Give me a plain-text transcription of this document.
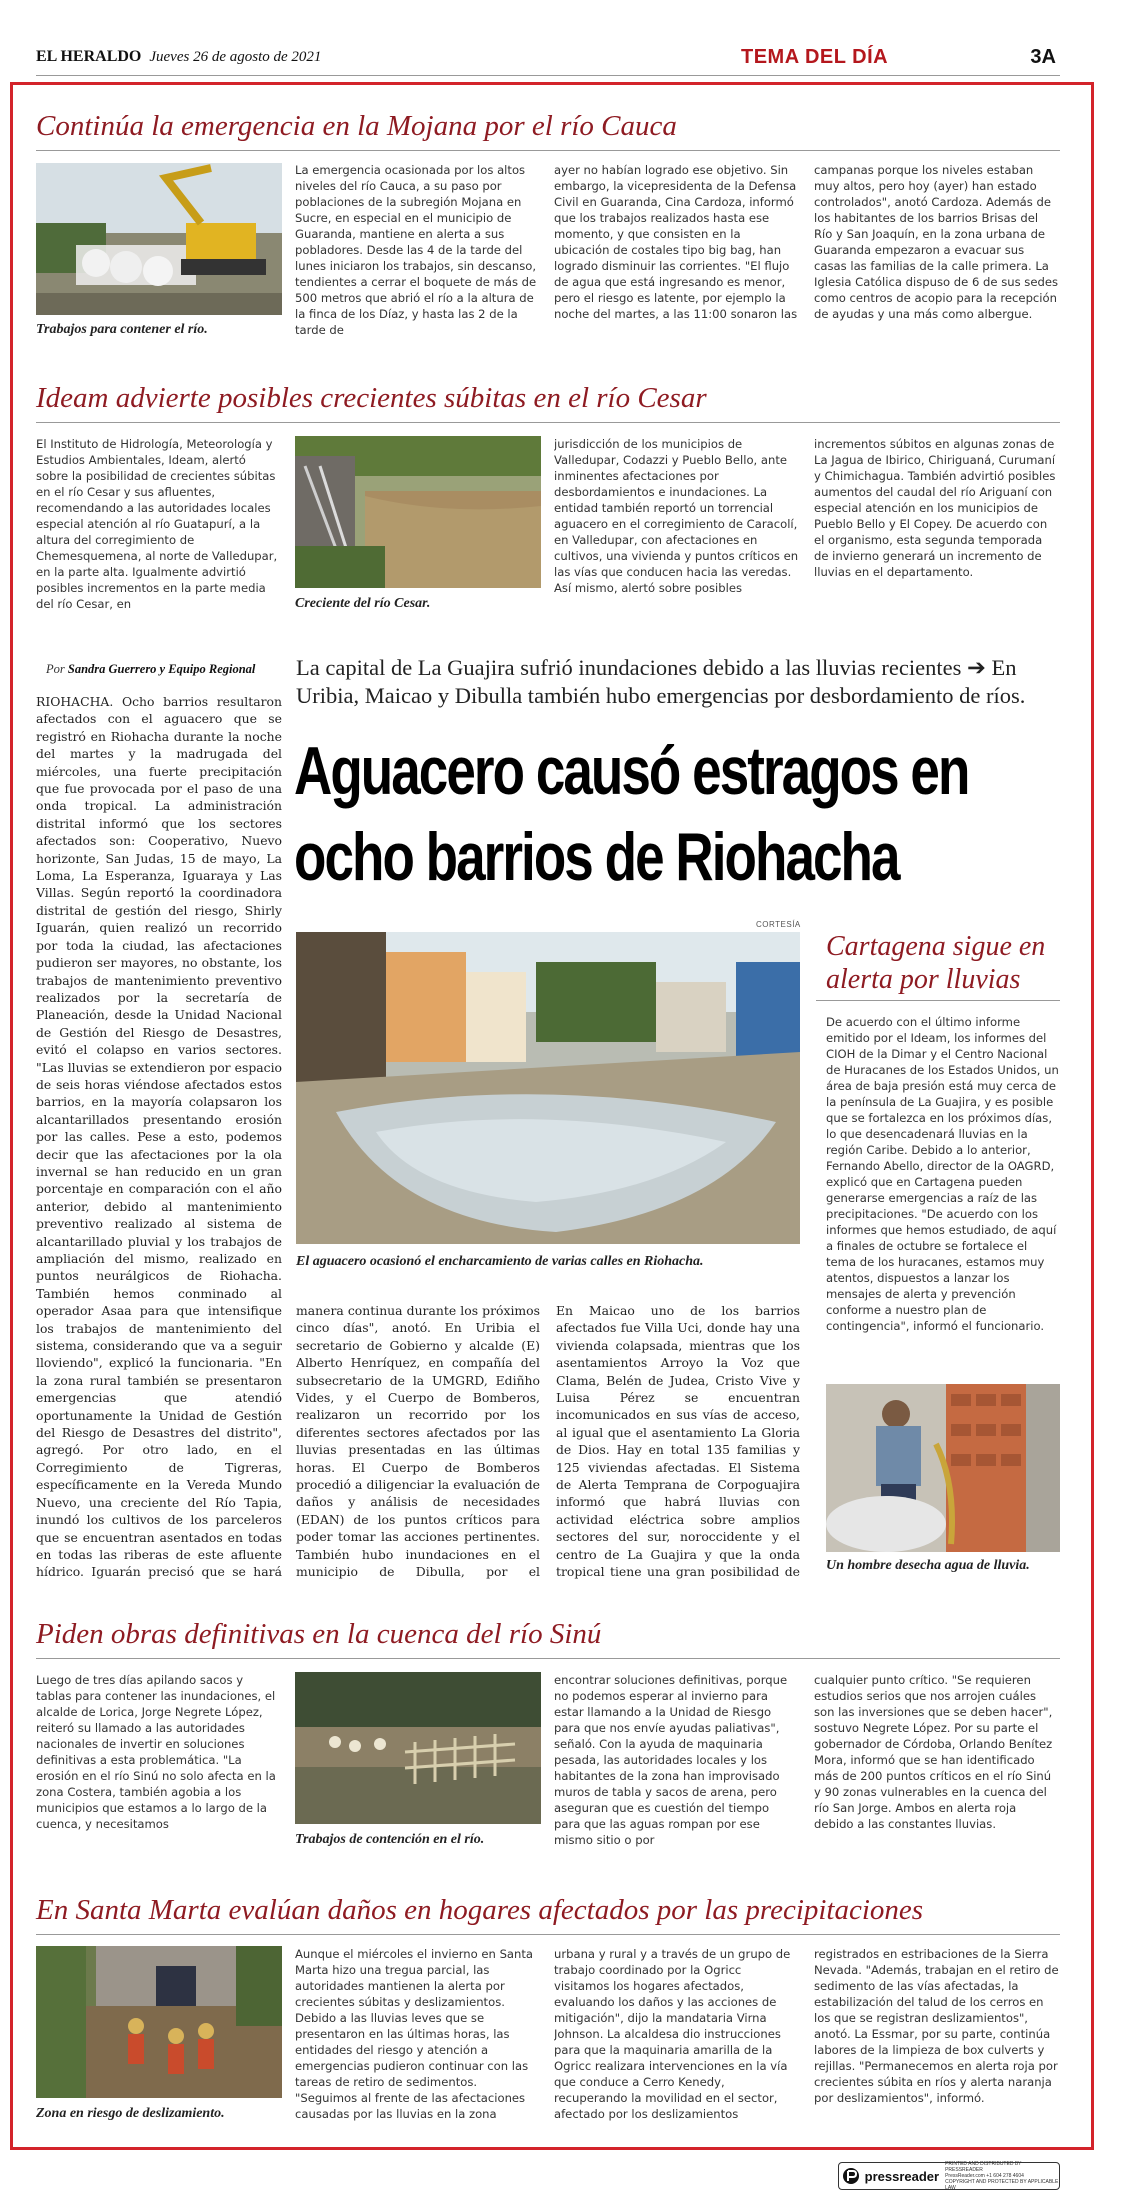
EL HERALDO Jueves 26 de agosto de 2021	TEMA DEL DÍA	3A
Continúa la emergencia en la Mojana por el río Cauca
Trabajos para contener el río.
La emergencia ocasionada por los altos niveles del río Cauca, a su paso por poblaciones de la subregión Mojana en Sucre, en especial en el municipio de Guaranda, mantiene en alerta a sus pobladores. Desde las 4 de la tarde del lunes iniciaron los trabajos, sin descanso, tendientes a cerrar el boquete de más de 500 metros que abrió el río a la altura de la finca de los Díaz, y hasta las 2 de la tarde de
ayer no habían logrado ese objetivo. Sin embargo, la vicepresidenta de la Defensa Civil en Guaranda, Cina Cardoza, informó que los trabajos realizados hasta ese momento, y que consisten en la ubicación de costales tipo big bag, han logrado disminuir las corrientes. "El flujo de agua que está ingresando es menor, pero el riesgo es latente, por ejemplo la noche del martes, a las 11:00 sonaron las
campanas porque los niveles estaban muy altos, pero hoy (ayer) han estado controlados", anotó Cardoza. Además de los habitantes de los barrios Brisas del Río y San Joaquín, en la zona urbana de Guaranda empezaron a evacuar sus casas las familias de la calle primera. La Iglesia Católica dispuso de 6 de sus sedes como centros de acopio para la recepción de ayudas y una más como albergue.
Ideam advierte posibles crecientes súbitas en el río Cesar
El Instituto de Hidrología, Meteorología y Estudios Ambientales, Ideam, alertó sobre la posibilidad de crecientes súbitas en el río Cesar y sus afluentes, recomendando a las autoridades locales especial atención al río Guatapurí, a la altura del corregimiento de Chemesquemena, al norte de Valledupar, en la parte alta. Igualmente advirtió posibles incrementos en la parte media del río Cesar, en	Creciente del río Cesar.
jurisdicción de los municipios de Valledupar, Codazzi y Pueblo Bello, ante inminentes afectaciones por desbordamientos e inundaciones. La entidad también reportó un torrencial aguacero en el corregimiento de Caracolí, en Valledupar, con afectaciones en cultivos, una vivienda y puntos críticos en las vías que conducen hacia las veredas. Así mismo, alertó sobre posibles
incrementos súbitos en algunas zonas de La Jagua de Ibirico, Chiriguaná, Curumaní y Chimichagua. También advirtió posibles aumentos del caudal del río Ariguaní con especial atención en los municipios de Pueblo Bello y El Copey. De acuerdo con el organismo, esta segunda temporada de invierno generará un incremento de lluvias en el departamento.
Por Sandra Guerrero y Equipo Regional La capital de La Guajira sufrió inundaciones debido a las lluvias recientes ➔ En Uribia, Maicao y Dibulla también hubo emergencias por desbordamiento de ríos.
Aguacero causó estragos en
ocho barrios de Riohacha
RIOHACHA. Ocho barrios resultaron afectados con el aguacero que se registró en Riohacha durante la noche del martes y la madrugada del miércoles, una fuerte precipitación que fue provocada por el paso de una onda tropical. La administración distrital informó que los sectores afectados son: Cooperativo, Nuevo horizonte, San Judas, 15 de mayo, La Loma, La Esperanza, Iguaraya y Las Villas. Según reportó la coordinadora distrital de gestión del riesgo, Shirly Iguarán, quien realizó un recorrido por toda la ciudad, las afectaciones pudieron ser mayores, no obstante, los trabajos de mantenimiento preventivo realizados por la secretaría de Planeación, desde la Unidad Nacional de Gestión del Riesgo de Desastres, evitó el colapso en varios sectores. "Las lluvias se extendieron por espacio de seis horas viéndose afectados estos barrios, en la mayoría colapsaron los alcantarillados presentando erosión por las calles. Pese a esto, podemos decir que las afectaciones por la ola invernal se han reducido en un gran porcentaje en comparación con el año anterior, debido al mantenimiento preventivo realizado al sistema de alcantarillado pluvial y los trabajos de ampliación del mismo, realizado en puntos neurálgicos de Riohacha. También hemos conminado al operador Asaa para que intensifique los trabajos de mantenimiento del sistema, considerando que va a seguir lloviendo", explicó la funcionaria. "En la zona rural también se presentaron emergencias que atendió oportunamente la Unidad de Gestión del Riesgo de Desastres del distrito", agregó. Por otro lado, en el Corregimiento de Tigreras, específicamente en la Vereda Mundo Nuevo, una creciente del Río Tapia, inundó los cultivos de los parceleros que se encuentran asentados en todas en todas las riberas de este afluente hídrico. Iguarán precisó que se hará
CORTESÍA
El aguacero ocasionó el encharcamiento de varias calles en Riohacha.
manera continua durante los próximos cinco días", anotó. En Uribia el secretario de Gobierno y alcalde (E) Alberto Henríquez, en compañía del subsecretario de la UMGRD, Ediñho Vides, y el Cuerpo de Bomberos, realizaron un recorrido por los diferentes sectores afectados por las lluvias presentadas en las últimas horas. El Cuerpo de Bomberos procedió a diligenciar la evaluación de daños y análisis de necesidades (EDAN) de los puntos críticos para poder tomar las acciones pertinentes. También hubo inundaciones en el municipio de Dibulla, por el
En Maicao uno de los barrios afectados fue Villa Uci, donde hay una vivienda colapsada, mientras que los asentamientos Arroyo la Voz que Clama, Belén de Judea, Cristo Vive y Luisa Pérez se encuentran incomunicados en sus vías de acceso, al igual que el asentamiento La Gloria de Dios. Hay en total 135 familias y 125 viviendas afectadas. El Sistema de Alerta Temprana de Corpoguajira informó que habrá lluvias con actividad eléctrica sobre amplios sectores del sur, noroccidente y el centro de La Guajira y que la onda tropical tiene una gran posibilidad de
Cartagena sigue en
alerta por lluvias
De acuerdo con el último informe emitido por el Ideam, los informes del CIOH de la Dimar y el Centro Nacional de Huracanes de los Estados Unidos, un área de baja presión está muy cerca de la península de La Guajira, y es posible que se fortalezca en los próximos días, lo que desencadenará lluvias en la región Caribe. Debido a lo anterior, Fernando Abello, director de la OAGRD, explicó que en Cartagena pueden generarse emergencias a raíz de las precipitaciones. "De acuerdo con los informes que hemos estudiado, de aquí a finales de octubre se fortalece el tema de los huracanes, estamos muy atentos, dispuestos a lanzar los mensajes de alerta y prevención conforme a nuestro plan de contingencia", informó el funcionario.
Un hombre desecha agua de lluvia.
Piden obras definitivas en la cuenca del río Sinú
Luego de tres días apilando sacos y tablas para contener las inundaciones, el alcalde de Lorica, Jorge Negrete López, reiteró su llamado a las autoridades nacionales de invertir en soluciones definitivas a esta problemática. "La erosión en el río Sinú no solo afecta en la zona Costera, también agobia a los municipios que estamos a lo largo de la cuenca, y necesitamos
Trabajos de contención en el río.
encontrar soluciones definitivas, porque no podemos esperar al invierno para estar llamando a la Unidad de Riesgo para que nos envíe ayudas paliativas", señaló. Con la ayuda de maquinaria pesada, las autoridades locales y los habitantes de la zona han improvisado muros de tabla y sacos de arena, pero aseguran que es cuestión del tiempo para que las aguas rompan por ese mismo sitio o por
cualquier punto crítico. "Se requieren estudios serios que nos arrojen cuáles son las inversiones que se deben hacer", sostuvo Negrete López. Por su parte el gobernador de Córdoba, Orlando Benítez Mora, informó que se han identificado más de 200 puntos críticos en el río Sinú y 90 zonas vulnerables en la cuenca del río San Jorge. Ambos en alerta roja debido a las constantes lluvias.
En Santa Marta evalúan daños en hogares afectados por las precipitaciones
Zona en riesgo de deslizamiento.
Aunque el miércoles el invierno en Santa Marta hizo una tregua parcial, las autoridades mantienen la alerta por crecientes súbitas y deslizamientos. Debido a las lluvias leves que se presentaron en las últimas horas, las entidades del riesgo y atención a emergencias pudieron continuar con las tareas de retiro de sedimentos. "Seguimos al frente de las afectaciones causadas por las lluvias en la zona
urbana y rural y a través de un grupo de trabajo coordinado por la Ogricc visitamos los hogares afectados, evaluando los daños y las acciones de mitigación", dijo la mandataria Virna Johnson. La alcaldesa dio instrucciones para que la maquinaria amarilla de la Ogricc realizara intervenciones en la vía que conduce a Cerro Kenedy, recuperando la movilidad en el sector, afectado por los deslizamientos
registrados en estribaciones de la Sierra Nevada. "Además, trabajan en el retiro de sedimento de las vías afectadas, la estabilización del talud de los cerros en los que se registran deslizamientos", anotó. La Essmar, por su parte, continúa labores de la limpieza de box culverts y rejillas. "Permanecemos en alerta roja por crecientes súbita en ríos y alerta naranja por deslizamientos", informó.
pressreader
PRINTED AND DISTRIBUTED BY PRESSREADER
PressReader.com +1 604 278 4604
COPYRIGHT AND PROTECTED BY APPLICABLE LAW
